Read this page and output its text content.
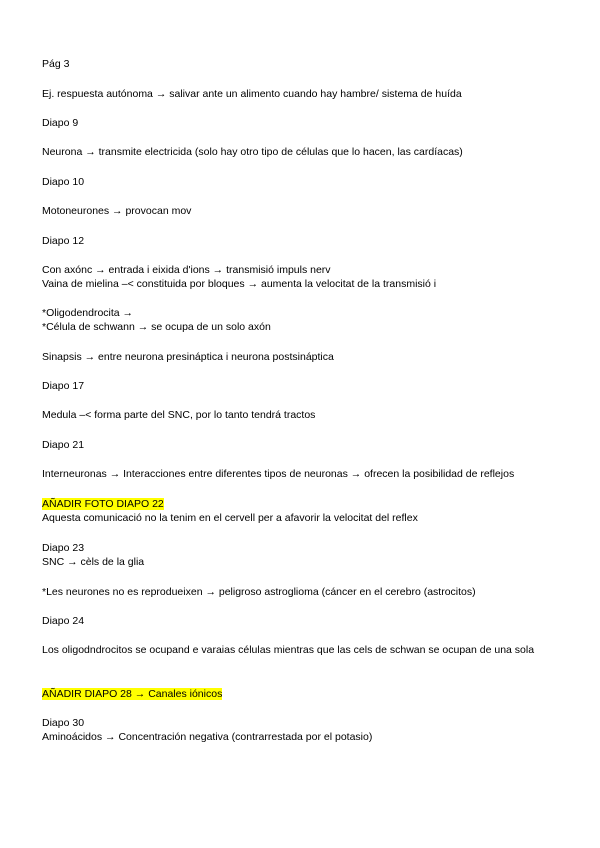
Pág 3
Ej. respuesta autónoma → salivar ante un alimento cuando hay hambre/ sistema de huída
Diapo 9
Neurona → transmite electricida (solo hay otro tipo de células que lo hacen, las cardíacas)
Diapo 10
Motoneurones → provocan mov
Diapo 12
Con axónc → entrada i eixida d'ions → transmisió impuls nerv
Vaina de mielina –< constituida por bloques → aumenta la velocitat de la transmisió i
*Oligodendrocita →
*Célula de schwann → se ocupa de un solo axón
Sinapsis → entre neurona presináptica i neurona postsináptica
Diapo 17
Medula –< forma parte del SNC, por lo tanto tendrá tractos
Diapo 21
Interneuronas → Interacciones entre diferentes tipos de neuronas → ofrecen la posibilidad de reflejos
AÑADIR FOTO DIAPO 22
Aquesta comunicació no la tenim en el cervell per a afavorir la velocitat del reflex
Diapo 23
SNC → cèls de la glia
*Les neurones no es reprodueixen → peligroso astroglioma (cáncer en el cerebro (astrocitos)
Diapo 24
Los oligodndrocitos se ocupand e varaias células mientras que las cels de schwan se ocupan de una sola
AÑADIR DIAPO 28 → Canales iónicos
Diapo 30
Aminoácidos → Concentración negativa (contrarrestada por el potasio)
